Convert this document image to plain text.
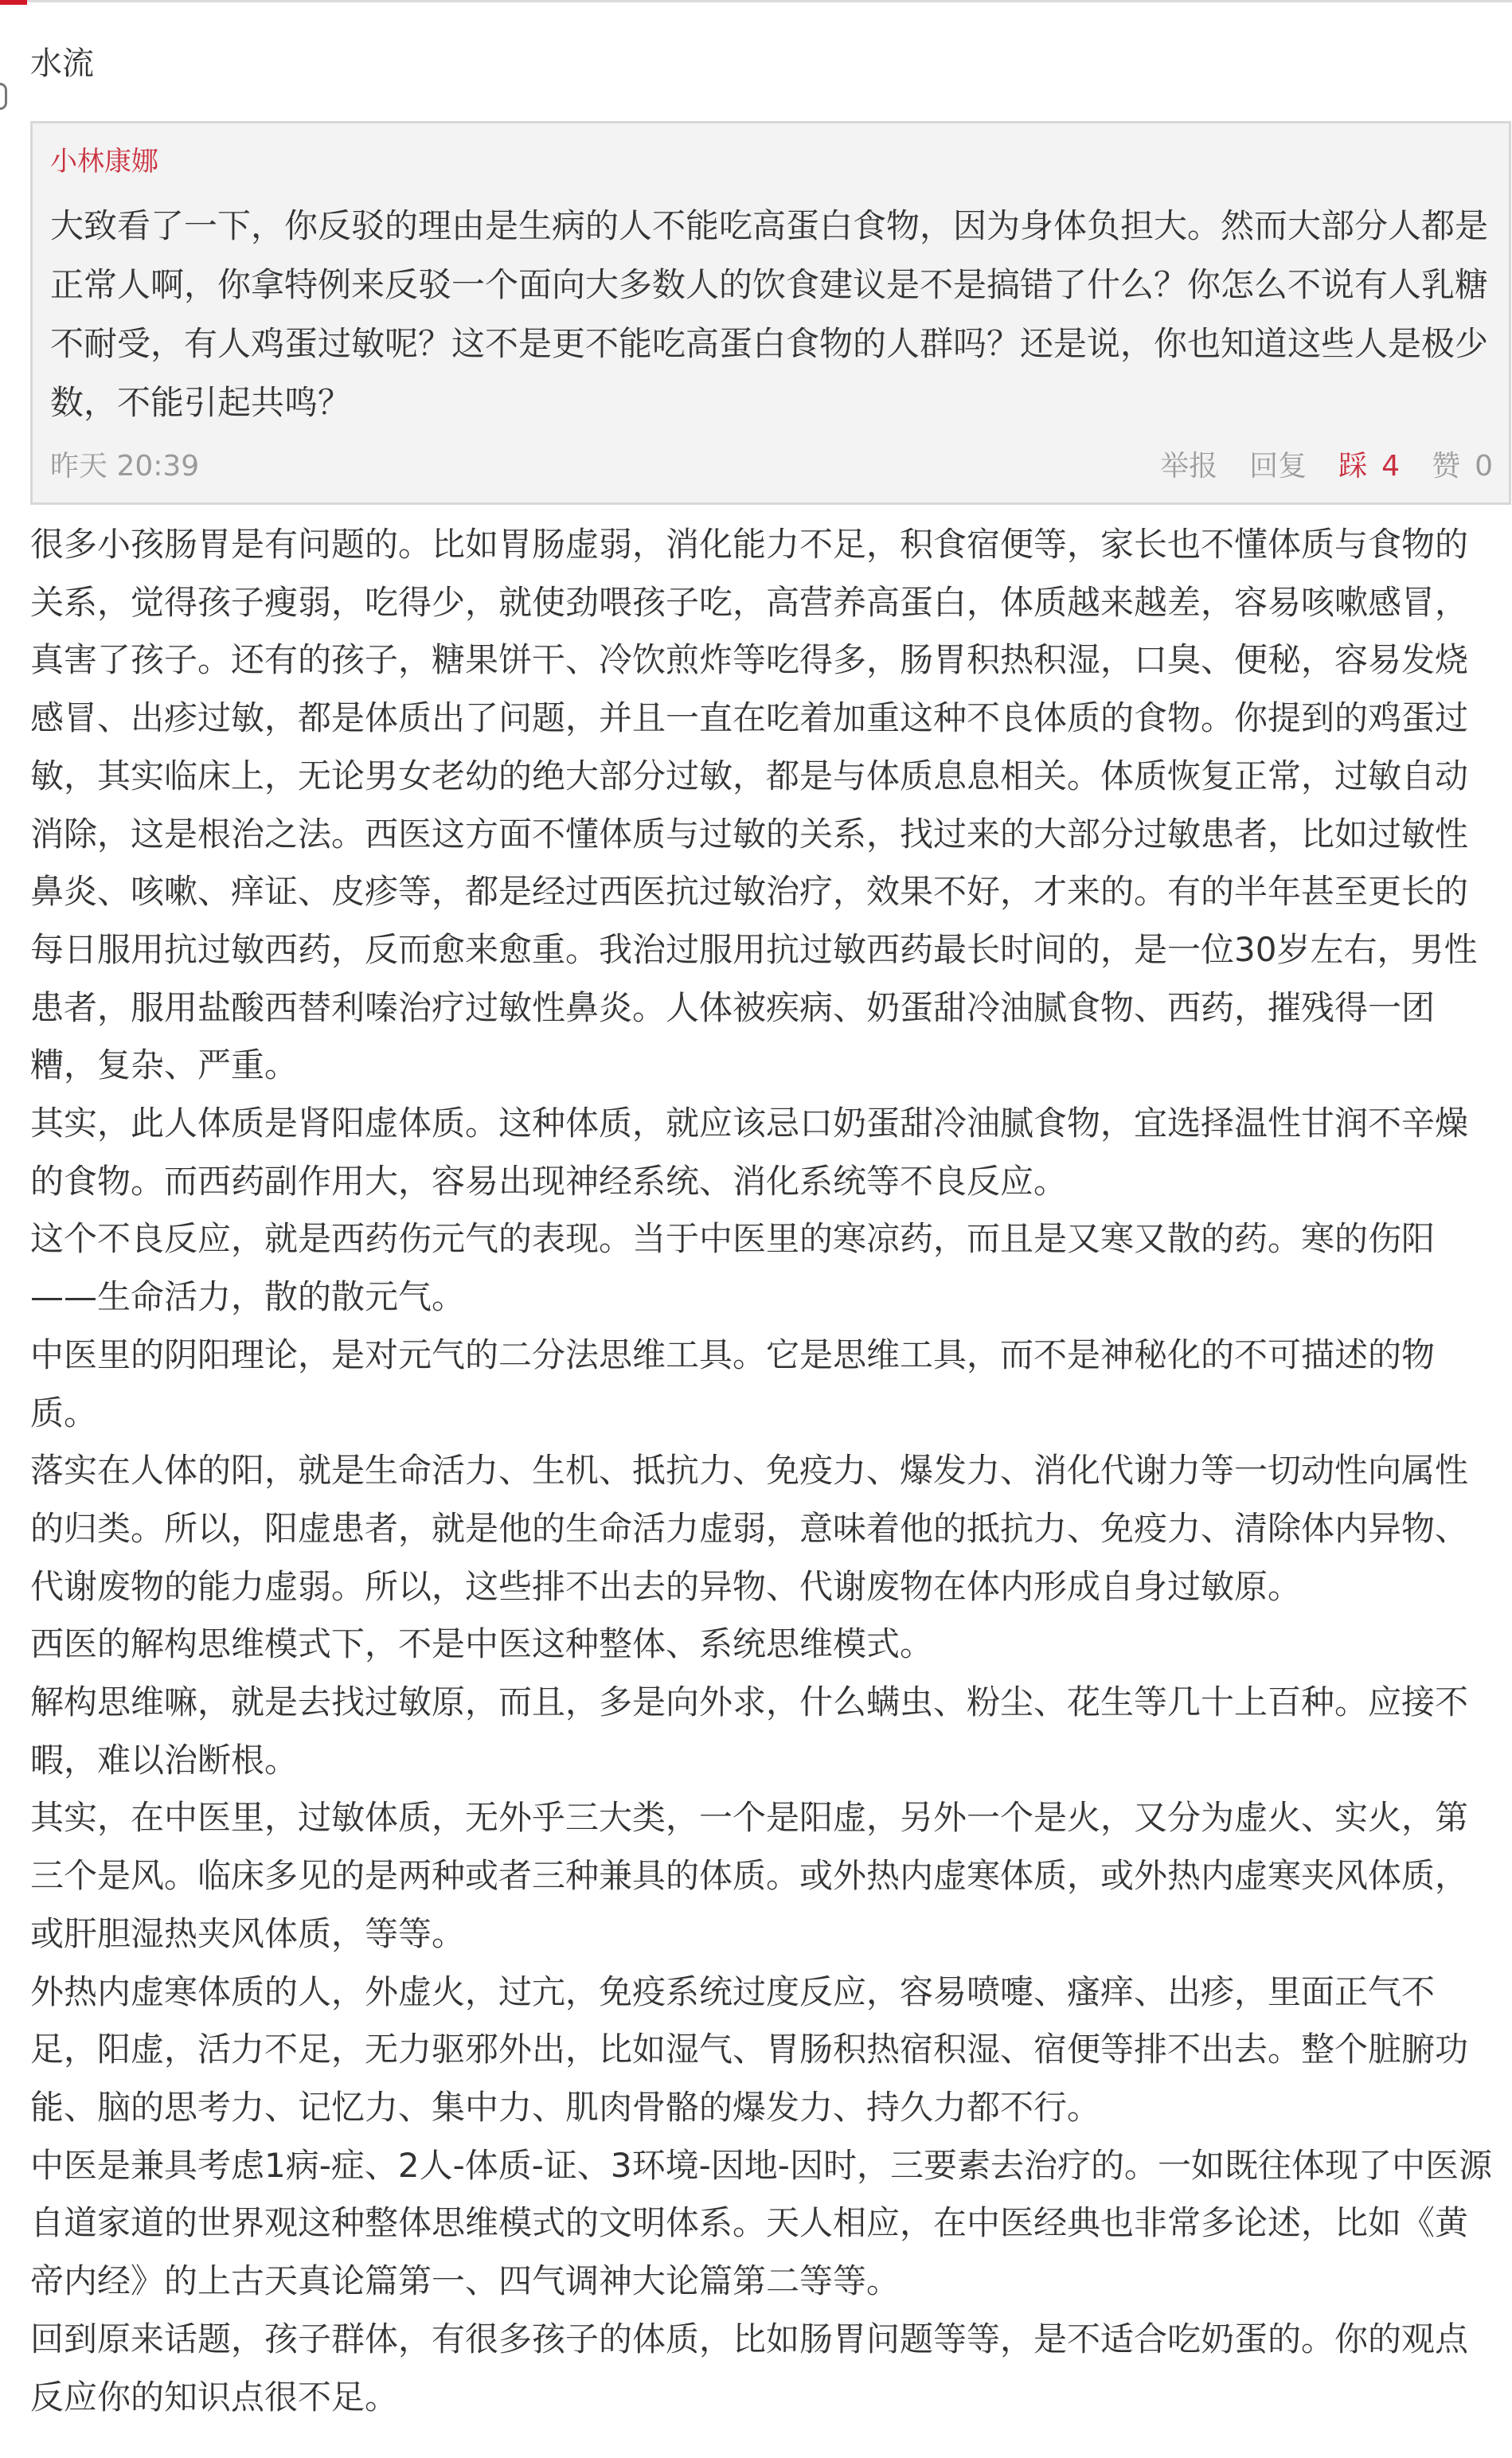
水流
小林康娜
大致看了一下，你反驳的理由是生病的人不能吃高蛋白食物，因为身体负担大。然而大部分人都是正常人啊，你拿特例来反驳一个面向大多数人的饮食建议是不是搞错了什么？你怎么不说有人乳糖不耐受，有人鸡蛋过敏呢？这不是更不能吃高蛋白食物的人群吗？还是说，你也知道这些人是极少数，不能引起共鸣？
昨天 20:39	举报 回复 踩 4 赞 0

很多小孩肠胃是有问题的。比如胃肠虚弱，消化能力不足，积食宿便等，家长也不懂体质与食物的关系，觉得孩子瘦弱，吃得少，就使劲喂孩子吃，高营养高蛋白，体质越来越差，容易咳嗽感冒，真害了孩子。还有的孩子，糖果饼干、冷饮煎炸等吃得多，肠胃积热积湿，口臭、便秘，容易发烧感冒、出疹过敏，都是体质出了问题，并且一直在吃着加重这种不良体质的食物。你提到的鸡蛋过敏，其实临床上，无论男女老幼的绝大部分过敏，都是与体质息息相关。体质恢复正常，过敏自动消除，这是根治之法。西医这方面不懂体质与过敏的关系，找过来的大部分过敏患者，比如过敏性鼻炎、咳嗽、痒证、皮疹等，都是经过西医抗过敏治疗，效果不好，才来的。有的半年甚至更长的每日服用抗过敏西药，反而愈来愈重。我治过服用抗过敏西药最长时间的，是一位30岁左右，男性患者，服用盐酸西替利嗪治疗过敏性鼻炎。人体被疾病、奶蛋甜冷油腻食物、西药，摧残得一团糟，复杂、严重。

其实，此人体质是肾阳虚体质。这种体质，就应该忌口奶蛋甜冷油腻食物，宜选择温性甘润不辛燥的食物。而西药副作用大，容易出现神经系统、消化系统等不良反应。

这个不良反应，就是西药伤元气的表现。当于中医里的寒凉药，而且是又寒又散的药。寒的伤阳——生命活力，散的散元气。

中医里的阴阳理论，是对元气的二分法思维工具。它是思维工具，而不是神秘化的不可描述的物质。

落实在人体的阳，就是生命活力、生机、抵抗力、免疫力、爆发力、消化代谢力等一切动性向属性的归类。所以，阳虚患者，就是他的生命活力虚弱，意味着他的抵抗力、免疫力、清除体内异物、代谢废物的能力虚弱。所以，这些排不出去的异物、代谢废物在体内形成自身过敏原。

西医的解构思维模式下，不是中医这种整体、系统思维模式。

解构思维嘛，就是去找过敏原，而且，多是向外求，什么螨虫、粉尘、花生等几十上百种。应接不暇，难以治断根。

其实，在中医里，过敏体质，无外乎三大类，一个是阳虚，另外一个是火，又分为虚火、实火，第三个是风。临床多见的是两种或者三种兼具的体质。或外热内虚寒体质，或外热内虚寒夹风体质，或肝胆湿热夹风体质，等等。

外热内虚寒体质的人，外虚火，过亢，免疫系统过度反应，容易喷嚏、瘙痒、出疹，里面正气不足，阳虚，活力不足，无力驱邪外出，比如湿气、胃肠积热宿积湿、宿便等排不出去。整个脏腑功能、脑的思考力、记忆力、集中力、肌肉骨骼的爆发力、持久力都不行。

中医是兼具考虑1病-症、2人-体质-证、3环境-因地-因时，三要素去治疗的。一如既往体现了中医源自道家道的世界观这种整体思维模式的文明体系。天人相应，在中医经典也非常多论述，比如《黄帝内经》的上古天真论篇第一、四气调神大论篇第二等等。

回到原来话题，孩子群体，有很多孩子的体质，比如肠胃问题等等，是不适合吃奶蛋的。你的观点反应你的知识点很不足。
